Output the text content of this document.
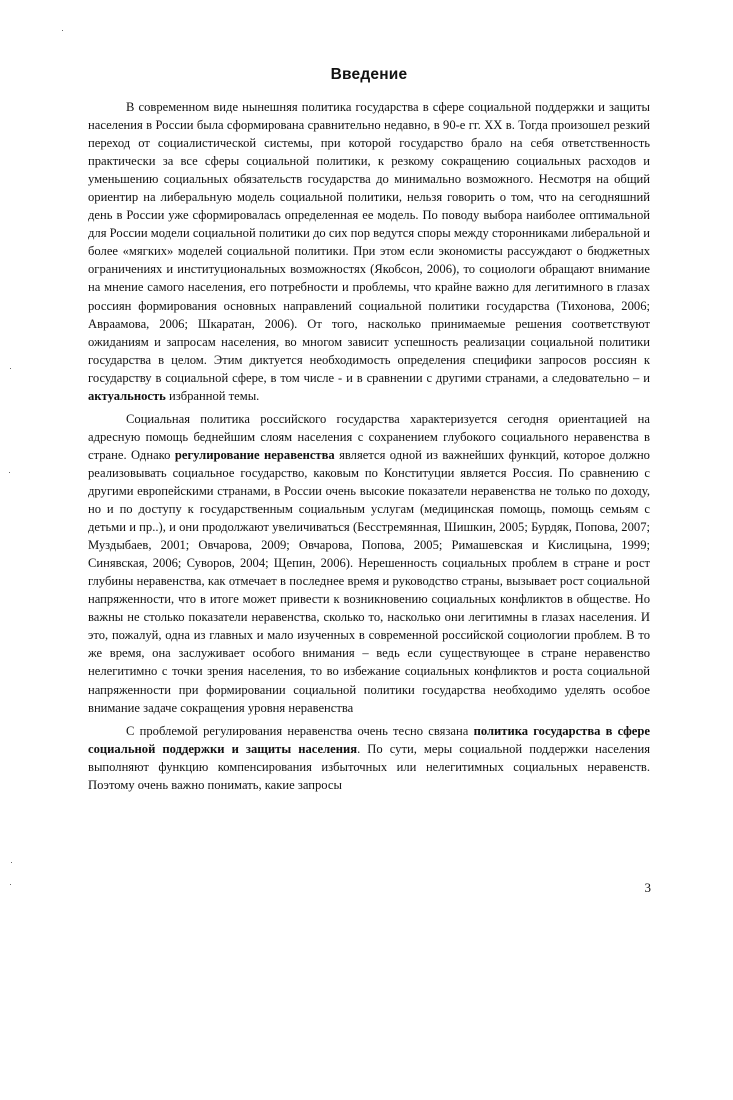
Введение

В современном виде нынешняя политика государства в сфере социальной поддержки и защиты населения в России была сформирована сравнительно недавно, в 90-е гг. XX в. Тогда произошел резкий переход от социалистической системы, при которой государство брало на себя ответственность практически за все сферы социальной политики, к резкому сокращению социальных расходов и уменьшению социальных обязательств государства до минимально возможного. Несмотря на общий ориентир на либеральную модель социальной политики, нельзя говорить о том, что на сегодняшний день в России уже сформировалась определенная ее модель. По поводу выбора наиболее оптимальной для России модели социальной политики до сих пор ведутся споры между сторонниками либеральной и более «мягких» моделей социальной политики. При этом если экономисты рассуждают о бюджетных ограничениях и институциональных возможностях (Якобсон, 2006), то социологи обращают внимание на мнение самого населения, его потребности и проблемы, что крайне важно для легитимного в глазах россиян формирования основных направлений социальной политики государства (Тихонова, 2006; Авраамова, 2006; Шкаратан, 2006). От того, насколько принимаемые решения соответствуют ожиданиям и запросам населения, во многом зависит успешность реализации социальной политики государства в целом. Этим диктуется необходимость определения специфики запросов россиян к государству в социальной сфере, в том числе - и в сравнении с другими странами, а следовательно – и актуальность избранной темы.

Социальная политика российского государства характеризуется сегодня ориентацией на адресную помощь беднейшим слоям населения с сохранением глубокого социального неравенства в стране. Однако регулирование неравенства является одной из важнейших функций, которое должно реализовывать социальное государство, каковым по Конституции является Россия. По сравнению с другими европейскими странами, в России очень высокие показатели неравенства не только по доходу, но и по доступу к государственным социальным услугам (медицинская помощь, помощь семьям с детьми и пр..), и они продолжают увеличиваться (Бесстремянная, Шишкин, 2005; Бурдяк, Попова, 2007; Муздыбаев, 2001; Овчарова, 2009; Овчарова, Попова, 2005; Римашевская и Кислицына, 1999; Синявская, 2006; Суворов, 2004; Щепин, 2006). Нерешенность социальных проблем в стране и рост глубины неравенства, как отмечает в последнее время и руководство страны, вызывает рост социальной напряженности, что в итоге может привести к возникновению социальных конфликтов в обществе. Но важны не столько показатели неравенства, сколько то, насколько они легитимны в глазах населения. И это, пожалуй, одна из главных и мало изученных в современной российской социологии проблем. В то же время, она заслуживает особого внимания – ведь если существующее в стране неравенство нелегитимно с точки зрения населения, то во избежание социальных конфликтов и роста социальной напряженности при формировании социальной политики государства необходимо уделять особое внимание задаче сокращения уровня неравенства

С проблемой регулирования неравенства очень тесно связана политика государства в сфере социальной поддержки и защиты населения. По сути, меры социальной поддержки населения выполняют функцию компенсирования избыточных или нелегитимных социальных неравенств. Поэтому очень важно понимать, какие запросы

3
